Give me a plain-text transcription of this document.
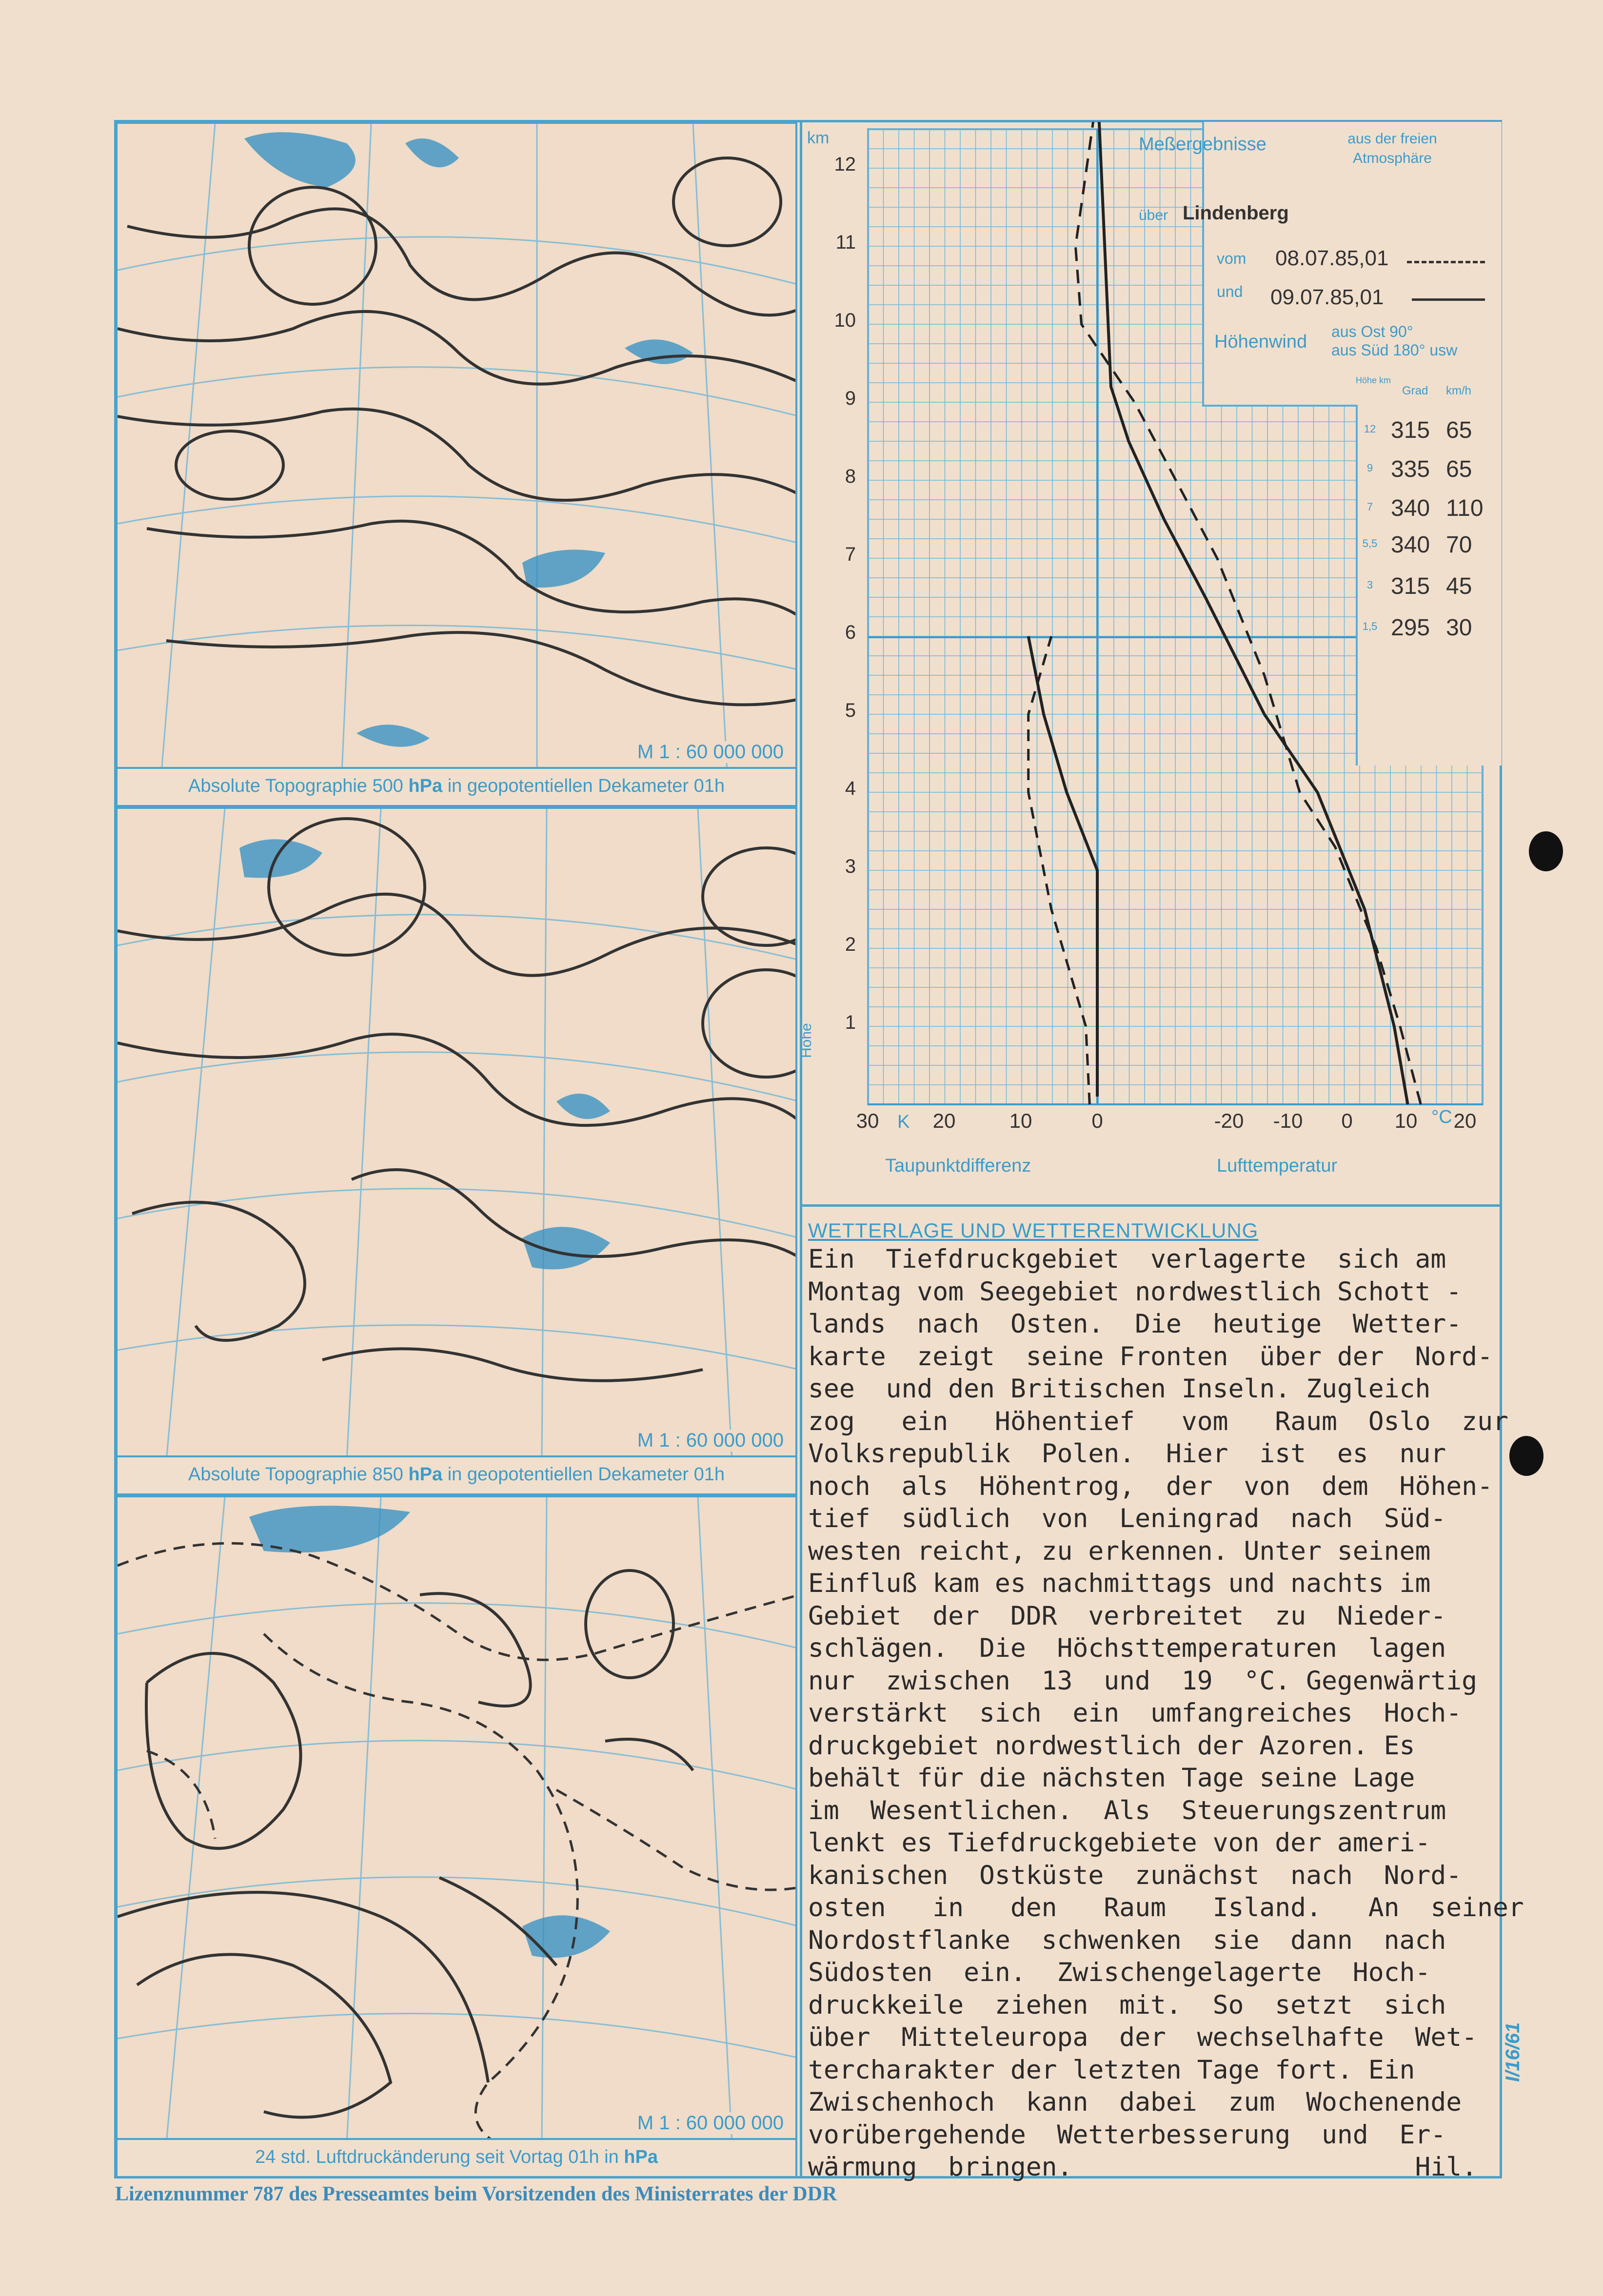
M 1 : 60 000 000
Absolute Topographie 500 hPa in geopotentiellen Dekameter 01h
M 1 : 60 000 000
Absolute Topographie 850 hPa in geopotentiellen Dekameter 01h
M 1 : 60 000 000
24 std. Luftdruckänderung seit Vortag 01h in hPa
Meßergebnisse	aus der freien
Atmosphäre
über Lindenberg
vom 08.07.85,01
und 09.07.85,01
Höhenwind aus Ost 90°
aus Süd 180° usw
Höhe km
Grad km/h
12 315 65
9 335 65
7 340 110
5,5 340 70
3 315 45
1,5 295 30
km
1
2
3
4
5
6
7
8
9
10
11
12
Höhe
30	20	10	0
K	-20	-10	0	10	20
°C
Taupunktdifferenz	Lufttemperatur
WETTERLAGE UND WETTERENTWICKLUNG
Ein  Tiefdruckgebiet  verlagerte  sich am
Montag vom Seegebiet nordwestlich Schott -
lands  nach  Osten.  Die  heutige  Wetter-
karte  zeigt  seine Fronten  über der  Nord-
see  und den Britischen Inseln. Zugleich
zog   ein   Höhentief   vom   Raum  Oslo  zur
Volksrepublik  Polen.  Hier  ist  es  nur
noch  als  Höhentrog,  der  von  dem  Höhen-
tief  südlich  von  Leningrad  nach  Süd-
westen reicht, zu erkennen. Unter seinem
Einfluß kam es nachmittags und nachts im
Gebiet  der  DDR  verbreitet  zu  Nieder-
schlägen.  Die  Höchsttemperaturen  lagen
nur  zwischen  13  und  19  °C. Gegenwärtig
verstärkt  sich  ein  umfangreiches  Hoch-
druckgebiet nordwestlich der Azoren. Es
behält für die nächsten Tage seine Lage
im  Wesentlichen.  Als  Steuerungszentrum
lenkt es Tiefdruckgebiete von der ameri-
kanischen  Ostküste  zunächst  nach  Nord-
osten   in   den   Raum   Island.   An  seiner
Nordostflanke  schwenken  sie  dann  nach
Südosten  ein.  Zwischengelagerte  Hoch-
druckkeile  ziehen  mit.  So  setzt  sich
über  Mitteleuropa  der  wechselhafte  Wet-
tercharakter der letzten Tage fort. Ein
Zwischenhoch  kann  dabei  zum  Wochenende
vorübergehende  Wetterbesserung  und  Er-
wärmung  bringen.                      Hil.
Lizenznummer 787 des Presseamtes beim Vorsitzenden des Ministerrates der DDR
I/16/61
